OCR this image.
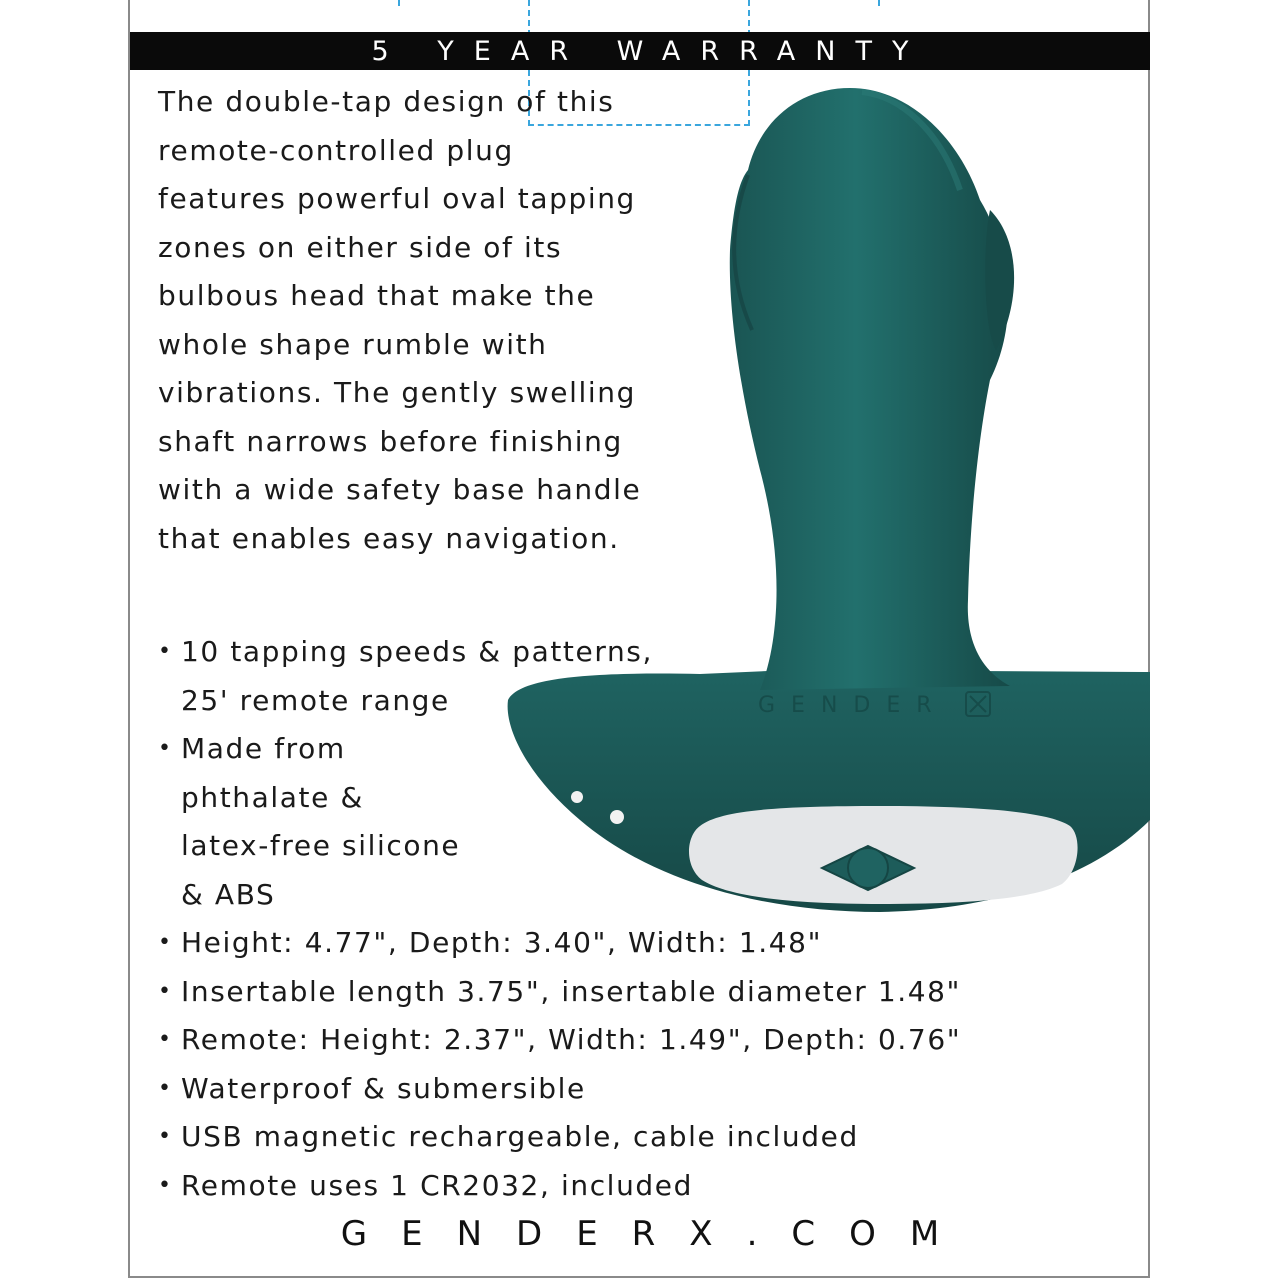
GENDER
5 YEAR WARRANTY

The double-tap design of this
remote-controlled plug
features powerful oval tapping
zones on either side of its
bulbous head that make the
whole shape rumble with
vibrations. The gently swelling
shaft narrows before finishing
with a wide safety base handle
that enables easy navigation.

• 10 tapping speeds & patterns,
25' remote range
• Made from
phthalate &
latex-free silicone
& ABS
• Height: 4.77", Depth: 3.40", Width: 1.48"
• Insertable length 3.75", insertable diameter 1.48"
• Remote: Height: 2.37", Width: 1.49", Depth: 0.76"
• Waterproof & submersible
• USB magnetic rechargeable, cable included
• Remote uses 1 CR2032, included
GENDERX.COM
